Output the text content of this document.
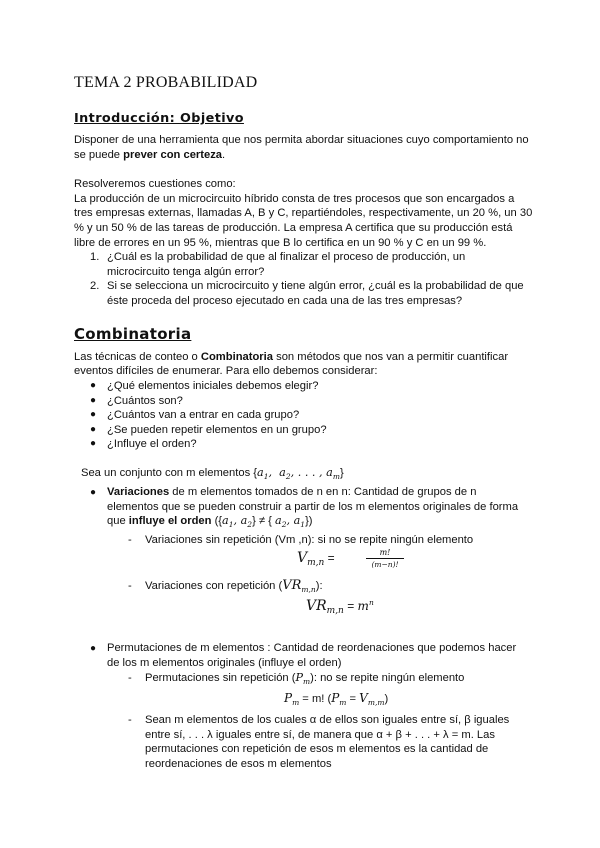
TEMA 2 PROBABILIDAD
Introducción: Objetivo
Disponer de una herramienta que nos permita abordar situaciones cuyo comportamiento no
se puede prever con certeza.
Resolveremos cuestiones como:
La producción de un microcircuito híbrido consta de tres procesos que son encargados a
tres empresas externas, llamadas A, B y C, repartiéndoles, respectivamente, un 20 %, un 30
% y un 50 % de las tareas de producción. La empresa A certifica que su producción está
libre de errores en un 95 %, mientras que B lo certifica en un 90 % y C en un 99 %.
1. ¿Cuál es la probabilidad de que al finalizar el proceso de producción, un
microcircuito tenga algún error?
2. Si se selecciona un microcircuito y tiene algún error, ¿cuál es la probabilidad de que
éste proceda del proceso ejecutado en cada una de las tres empresas?
Combinatoria
Las técnicas de conteo o Combinatoria son métodos que nos van a permitir cuantificar
eventos difíciles de enumerar. Para ello debemos considerar:
● ¿Qué elementos iniciales debemos elegir?
● ¿Cuántos son?
● ¿Cuántos van a entrar en cada grupo?
● ¿Se pueden repetir elementos en un grupo?
● ¿Influye el orden?
Sea un conjunto con m elementos {$a_1$,  $a_2$, . . . , $a_m$}
● Variaciones de m elementos tomados de n en n: Cantidad de grupos de n
elementos que se pueden construir a partir de los m elementos originales de forma
que influye el orden ({$a_1$, $a_2$} ≠ { $a_2$, $a_1$})
- Variaciones sin repetición (Vm ,n): si no se repite ningún elemento
$V_{m,n}$ =	m!
(m−n)!
- Variaciones con repetición $(VR_{m,n})$:
$VR_{m,n} = m^n$
● Permutaciones de m elementos : Cantidad de reordenaciones que podemos hacer
de los m elementos originales (influye el orden)
- Permutaciones sin repetición $(P_m)$: no se repite ningún elemento
$P_m = m$! $(P_m = V_{m,m})$
- Sean m elementos de los cuales α de ellos son iguales entre sí, β iguales
entre sí, . . . λ iguales entre sí, de manera que α + β + . . . + λ = m. Las
permutaciones con repetición de esos m elementos es la cantidad de
reordenaciones de esos m elementos
